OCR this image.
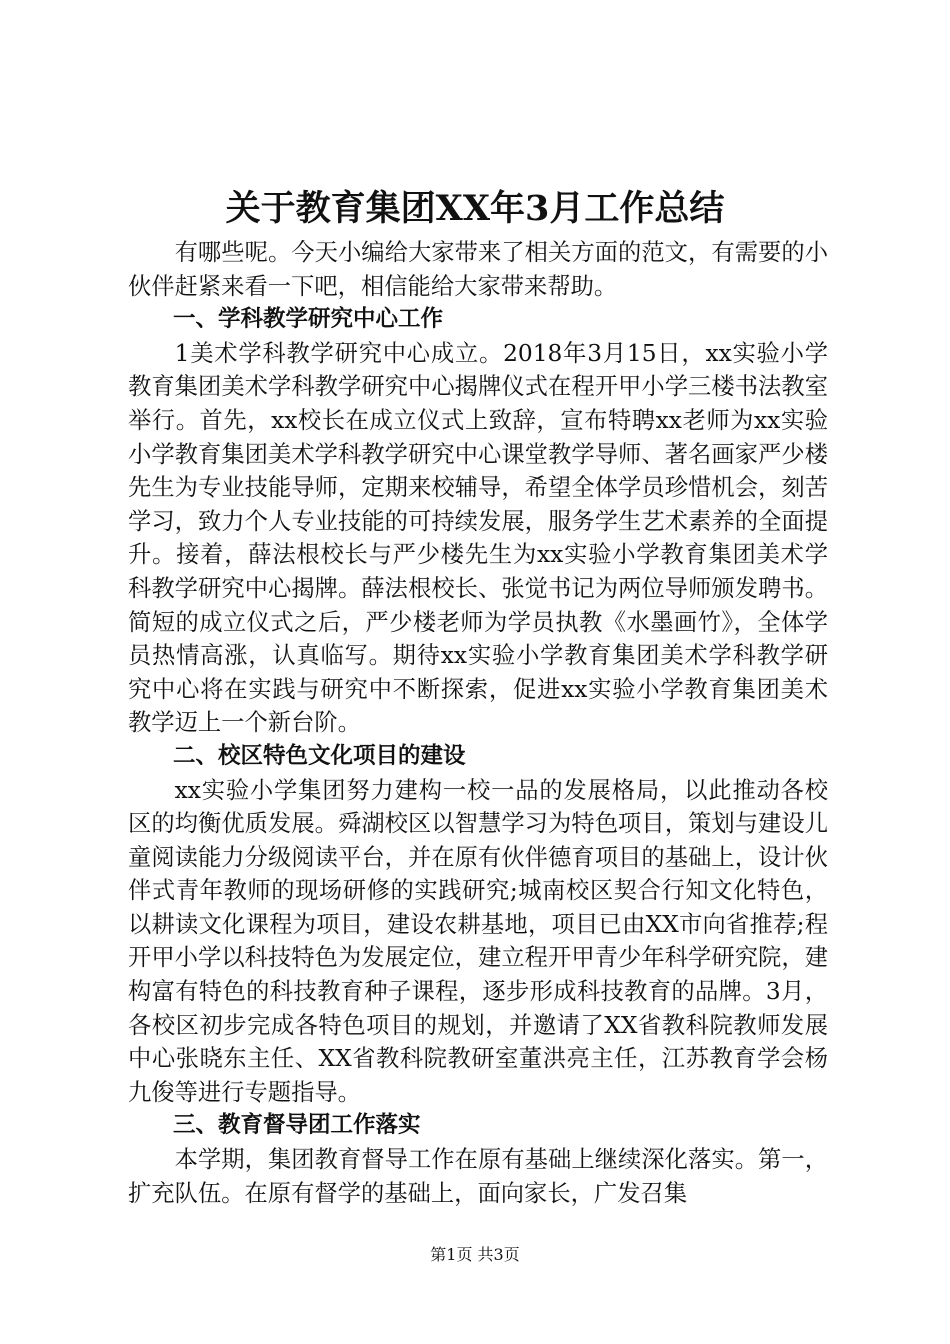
关于教育集团XX年3月工作总结

有哪些呢。今天小编给大家带来了相关方面的范文，有需要的小伙伴赶紧来看一下吧，相信能给大家带来帮助。

一、学科教学研究中心工作

1美术学科教学研究中心成立。2018年3月15日，xx实验小学教育集团美术学科教学研究中心揭牌仪式在程开甲小学三楼书法教室举行。首先，xx校长在成立仪式上致辞，宣布特聘xx老师为xx实验小学教育集团美术学科教学研究中心课堂教学导师、著名画家严少楼先生为专业技能导师，定期来校辅导，希望全体学员珍惜机会，刻苦学习，致力个人专业技能的可持续发展，服务学生艺术素养的全面提升。接着，薛法根校长与严少楼先生为xx实验小学教育集团美术学科教学研究中心揭牌。薛法根校长、张觉书记为两位导师颁发聘书。简短的成立仪式之后，严少楼老师为学员执教《水墨画竹》，全体学员热情高涨，认真临写。期待xx实验小学教育集团美术学科教学研究中心将在实践与研究中不断探索，促进xx实验小学教育集团美术教学迈上一个新台阶。

二、校区特色文化项目的建设

xx实验小学集团努力建构一校一品的发展格局，以此推动各校区的均衡优质发展。舜湖校区以智慧学习为特色项目，策划与建设儿童阅读能力分级阅读平台，并在原有伙伴德育项目的基础上，设计伙伴式青年教师的现场研修的实践研究;城南校区契合行知文化特色，以耕读文化课程为项目，建设农耕基地，项目已由XX市向省推荐;程开甲小学以科技特色为发展定位，建立程开甲青少年科学研究院，建构富有特色的科技教育种子课程，逐步形成科技教育的品牌。3月，各校区初步完成各特色项目的规划，并邀请了XX省教科院教师发展中心张晓东主任、XX省教科院教研室董洪亮主任，江苏教育学会杨九俊等进行专题指导。

三、教育督导团工作落实

本学期，集团教育督导工作在原有基础上继续深化落实。第一，扩充队伍。在原有督学的基础上，面向家长，广发召集

第1页 共3页
